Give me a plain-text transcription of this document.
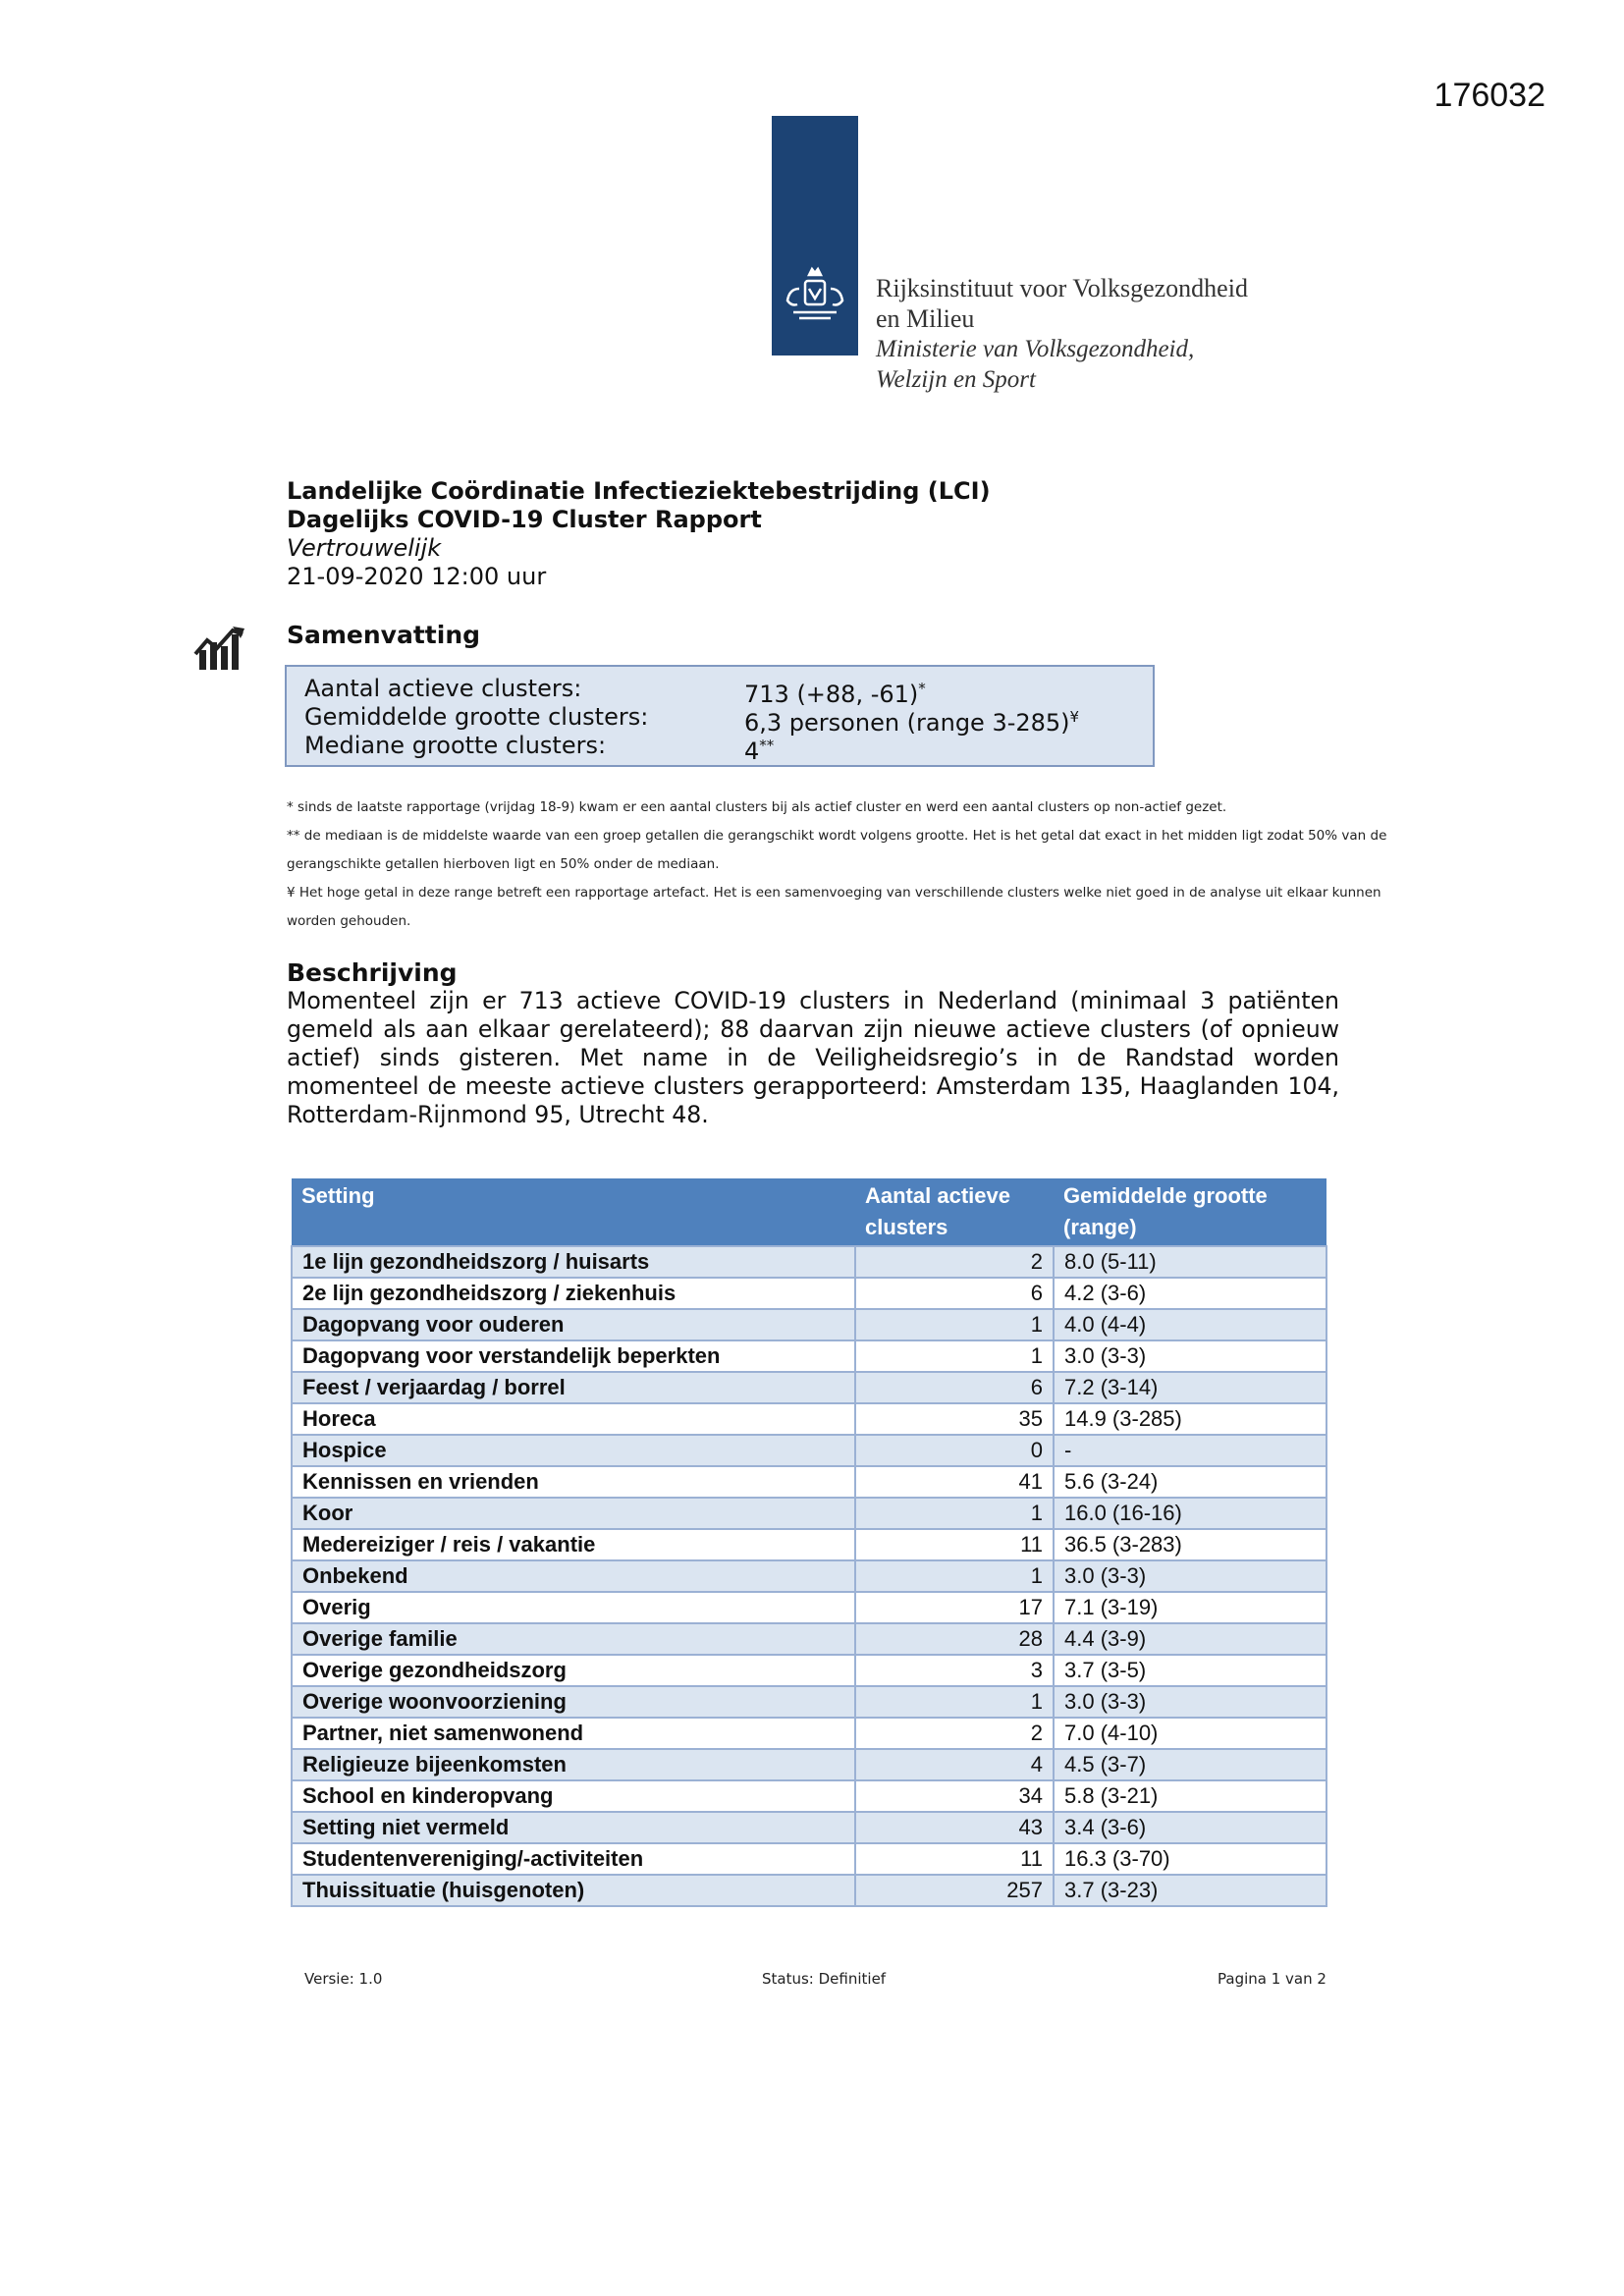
176032
Rijksinstituut voor Volksgezondheid
en Milieu
Ministerie van Volksgezondheid,
Welzijn en Sport
Landelijke Coördinatie Infectieziektebestrijding (LCI)
Dagelijks COVID-19 Cluster Rapport
Vertrouwelijk
21-09-2020 12:00 uur
Samenvatting
Aantal actieve clusters:	713 (+88, -61)*
Gemiddelde grootte clusters:	6,3 personen (range 3-285)¥
Mediane grootte clusters:	4**

* sinds de laatste rapportage (vrijdag 18-9) kwam er een aantal clusters bij als actief cluster en werd een aantal clusters op non-actief gezet.

** de mediaan is de middelste waarde van een groep getallen die gerangschikt wordt volgens grootte. Het is het getal dat exact in het midden ligt zodat 50% van de gerangschikte getallen hierboven ligt en 50% onder de mediaan.

¥ Het hoge getal in deze range betreft een rapportage artefact. Het is een samenvoeging van verschillende clusters welke niet goed in de analyse uit elkaar kunnen worden gehouden.

Beschrijving
Momenteel zijn er 713 actieve COVID-19 clusters in Nederland (minimaal 3 patiënten gemeld als aan elkaar gerelateerd); 88 daarvan zijn nieuwe actieve clusters (of opnieuw actief) sinds gisteren. Met name in de Veiligheidsregio’s in de Randstad worden momenteel de meeste actieve clusters gerapporteerd: Amsterdam 135, Haaglanden 104, Rotterdam-Rijnmond 95, Utrecht 48.
Setting	Aantal actieve clusters	Gemiddelde grootte (range)
1e lijn gezondheidszorg / huisarts	2	8.0 (5-11)
2e lijn gezondheidszorg / ziekenhuis	6	4.2 (3-6)
Dagopvang voor ouderen	1	4.0 (4-4)
Dagopvang voor verstandelijk beperkten	1	3.0 (3-3)
Feest / verjaardag / borrel	6	7.2 (3-14)
Horeca	35	14.9 (3-285)
Hospice	0	-
Kennissen en vrienden	41	5.6 (3-24)
Koor	1	16.0 (16-16)
Medereiziger / reis / vakantie	11	36.5 (3-283)
Onbekend	1	3.0 (3-3)
Overig	17	7.1 (3-19)
Overige familie	28	4.4 (3-9)
Overige gezondheidszorg	3	3.7 (3-5)
Overige woonvoorziening	1	3.0 (3-3)
Partner, niet samenwonend	2	7.0 (4-10)
Religieuze bijeenkomsten	4	4.5 (3-7)
School en kinderopvang	34	5.8 (3-21)
Setting niet vermeld	43	3.4 (3-6)
Studentenvereniging/-activiteiten	11	16.3 (3-70)
Thuissituatie (huisgenoten)	257	3.7 (3-23)
Versie: 1.0	Status: Definitief	Pagina 1 van 2
